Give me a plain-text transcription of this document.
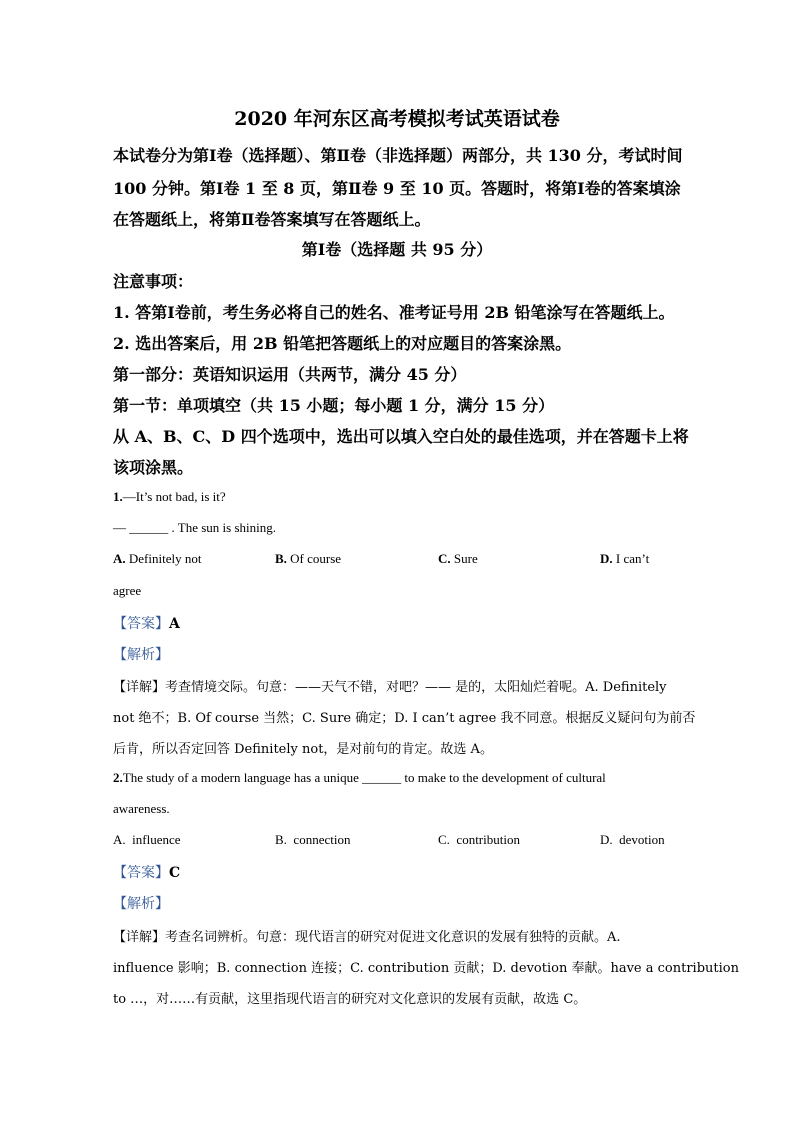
2020 年河东区高考模拟考试英语试卷
本试卷分为第Ⅰ卷（选择题）、第Ⅱ卷（非选择题）两部分，共 130 分，考试时间
100 分钟。第Ⅰ卷 1 至 8 页，第Ⅱ卷 9 至 10 页。答题时，将第Ⅰ卷的答案填涂
在答题纸上，将第Ⅱ卷答案填写在答题纸上。
第Ⅰ卷（选择题 共 95 分）
注意事项：
1. 答第Ⅰ卷前，考生务必将自己的姓名、准考证号用 2B 铅笔涂写在答题纸上。
2. 选出答案后，用 2B 铅笔把答题纸上的对应题目的答案涂黑。
第一部分：英语知识运用（共两节，满分 45 分）
第一节：单项填空（共 15 小题；每小题 1 分，满分 15 分）
从 A、B、C、D 四个选项中，选出可以填入空白处的最佳选项，并在答题卡上将
该项涂黑。
1.—It’s not bad, is it?
— ______ . The sun is shining.
A. Definitely not	B. Of course	C. Sure	D. I can’t
agree
【答案】A
【解析】
【详解】考查情境交际。句意：——天气不错，对吧？—— 是的，太阳灿烂着呢。A. Definitely
not 绝不；B. Of course 当然；C. Sure 确定；D. I can’t agree 我不同意。根据反义疑问句为前否
后肯，所以否定回答 Definitely not，是对前句的肯定。故选 A。
2.The study of a modern language has a unique ______ to make to the development of cultural
awareness.
A. influence	B. connection	C. contribution	D. devotion
【答案】C
【解析】
【详解】考查名词辨析。句意：现代语言的研究对促进文化意识的发展有独特的贡献。A.
influence 影响；B. connection 连接；C. contribution 贡献；D. devotion 奉献。have a contribution
to …，对……有贡献，这里指现代语言的研究对文化意识的发展有贡献，故选 C。
